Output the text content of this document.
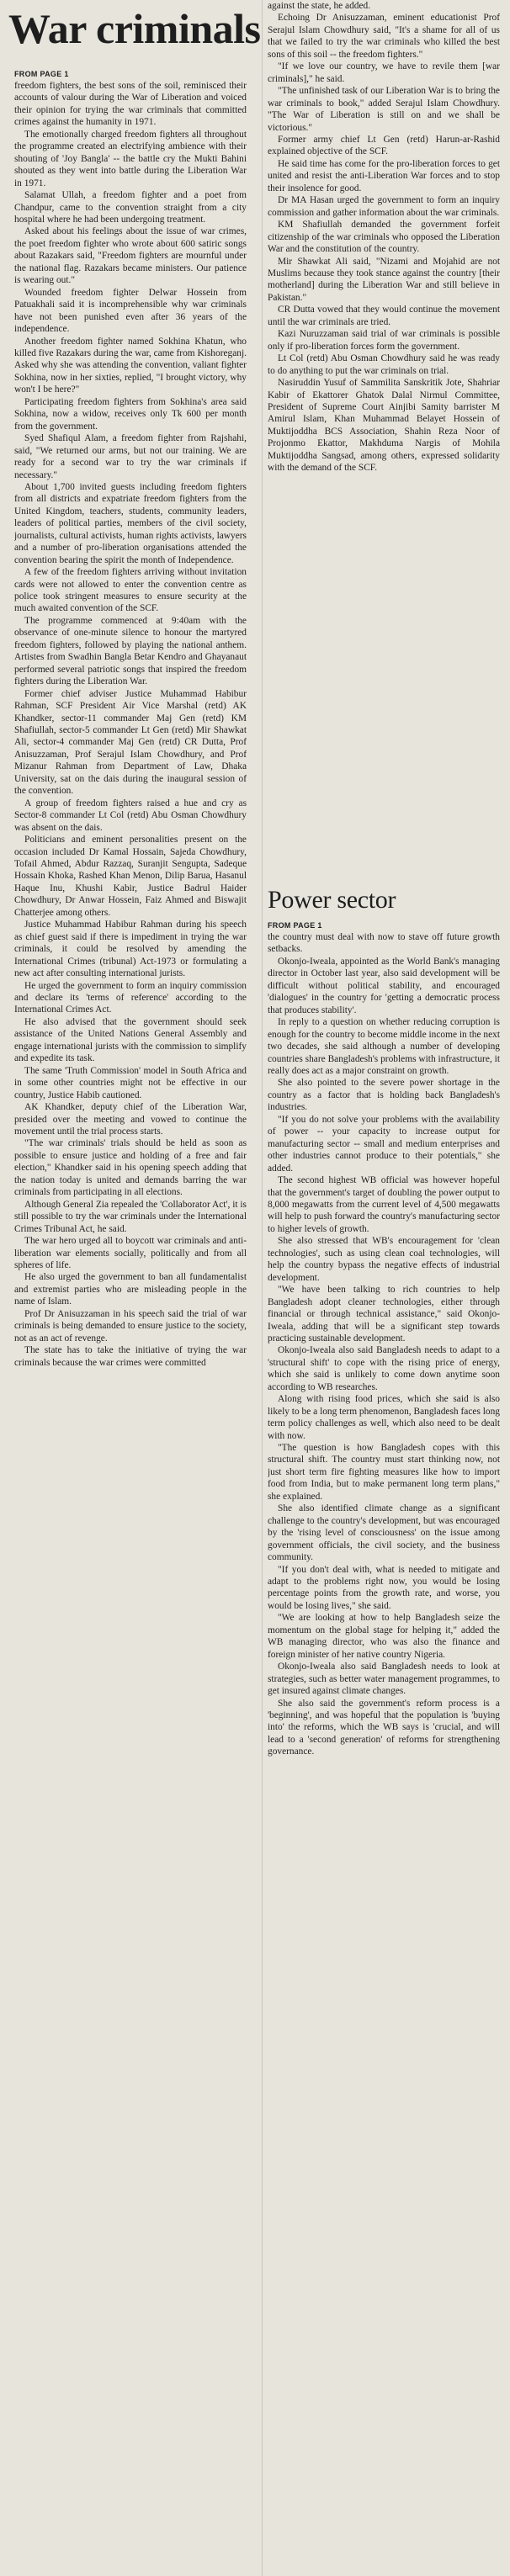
War criminals

FROM PAGE 1

freedom fighters, the best sons of the soil, reminisced their accounts of valour during the War of Liberation and voiced their opinion for trying the war criminals that committed crimes against the humanity in 1971.

The emotionally charged freedom fighters all throughout the programme created an electrifying ambience with their shouting of 'Joy Bangla' -- the battle cry the Mukti Bahini shouted as they went into battle during the Liberation War in 1971.

Salamat Ullah, a freedom fighter and a poet from Chandpur, came to the convention straight from a city hospital where he had been undergoing treatment.

Asked about his feelings about the issue of war crimes, the poet freedom fighter who wrote about 600 satiric songs about Razakars said, "Freedom fighters are mournful under the national flag. Razakars became ministers. Our patience is wearing out."

Wounded freedom fighter Delwar Hossein from Patuakhali said it is incomprehensible why war criminals have not been punished even after 36 years of the independence.

Another freedom fighter named Sokhina Khatun, who killed five Razakars during the war, came from Kishoreganj. Asked why she was attending the convention, valiant fighter Sokhina, now in her sixties, replied, "I brought victory, why won't I be here?"

Participating freedom fighters from Sokhina's area said Sokhina, now a widow, receives only Tk 600 per month from the government.

Syed Shafiqul Alam, a freedom fighter from Rajshahi, said, "We returned our arms, but not our training. We are ready for a second war to try the war criminals if necessary."

About 1,700 invited guests including freedom fighters from all districts and expatriate freedom fighters from the United Kingdom, teachers, students, community leaders, leaders of political parties, members of the civil society, journalists, cultural activists, human rights activists, lawyers and a number of pro-liberation organisations attended the convention bearing the spirit the month of Independence.

A few of the freedom fighters arriving without invitation cards were not allowed to enter the convention centre as police took stringent measures to ensure security at the much awaited convention of the SCF.

The programme commenced at 9:40am with the observance of one-minute silence to honour the martyred freedom fighters, followed by playing the national anthem. Artistes from Swadhin Bangla Betar Kendro and Ghayanaut performed several patriotic songs that inspired the freedom fighters during the Liberation War.

Former chief adviser Justice Muhammad Habibur Rahman, SCF President Air Vice Marshal (retd) AK Khandker, sector-11 commander Maj Gen (retd) KM Shafiullah, sector-5 commander Lt Gen (retd) Mir Shawkat Ali, sector-4 commander Maj Gen (retd) CR Dutta, Prof Anisuzzaman, Prof Serajul Islam Chowdhury, and Prof Mizanur Rahman from Department of Law, Dhaka University, sat on the dais during the inaugural session of the convention.

A group of freedom fighters raised a hue and cry as Sector-8 commander Lt Col (retd) Abu Osman Chowdhury was absent on the dais.

Politicians and eminent personalities present on the occasion included Dr Kamal Hossain, Sajeda Chowdhury, Tofail Ahmed, Abdur Razzaq, Suranjit Sengupta, Sadeque Hossain Khoka, Rashed Khan Menon, Dilip Barua, Hasanul Haque Inu, Khushi Kabir, Justice Badrul Haider Chowdhury, Dr Anwar Hossein, Faiz Ahmed and Biswajit Chatterjee among others.

Justice Muhammad Habibur Rahman during his speech as chief guest said if there is impediment in trying the war criminals, it could be resolved by amending the International Crimes (tribunal) Act-1973 or formulating a new act after consulting international jurists.

He urged the government to form an inquiry commission and declare its 'terms of reference' according to the International Crimes Act.

He also advised that the government should seek assistance of the United Nations General Assembly and engage international jurists with the commission to simplify and expedite its task.

The same 'Truth Commission' model in South Africa and in some other countries might not be effective in our country, Justice Habib cautioned.

AK Khandker, deputy chief of the Liberation War, presided over the meeting and vowed to continue the movement until the trial process starts.

"The war criminals' trials should be held as soon as possible to ensure justice and holding of a free and fair election," Khandker said in his opening speech adding that the nation today is united and demands barring the war criminals from participating in all elections.

Although General Zia repealed the 'Collaborator Act', it is still possible to try the war criminals under the International Crimes Tribunal Act, he said.

The war hero urged all to boycott war criminals and anti-liberation war elements socially, politically and from all spheres of life.

He also urged the government to ban all fundamentalist and extremist parties who are misleading people in the name of Islam.

Prof Dr Anisuzzaman in his speech said the trial of war criminals is being demanded to ensure justice to the society, not as an act of revenge.

The state has to take the initiative of trying the war criminals because the war crimes were committed

against the state, he added.

Echoing Dr Anisuzzaman, eminent educationist Prof Serajul Islam Chowdhury said, "It's a shame for all of us that we failed to try the war criminals who killed the best sons of this soil -- the freedom fighters."

"If we love our country, we have to revile them [war criminals]," he said.

"The unfinished task of our Liberation War is to bring the war criminals to book," added Serajul Islam Chowdhury. "The War of Liberation is still on and we shall be victorious."

Former army chief Lt Gen (retd) Harun-ar-Rashid explained objective of the SCF.

He said time has come for the pro-liberation forces to get united and resist the anti-Liberation War forces and to stop their insolence for good.

Dr MA Hasan urged the government to form an inquiry commission and gather information about the war criminals.

KM Shafiullah demanded the government forfeit citizenship of the war criminals who opposed the Liberation War and the constitution of the country.

Mir Shawkat Ali said, "Nizami and Mojahid are not Muslims because they took stance against the country [their motherland] during the Liberation War and still believe in Pakistan."

CR Dutta vowed that they would continue the movement until the war criminals are tried.

Kazi Nuruzzaman said trial of war criminals is possible only if pro-liberation forces form the government.

Lt Col (retd) Abu Osman Chowdhury said he was ready to do anything to put the war criminals on trial.

Nasiruddin Yusuf of Sammilita Sanskritik Jote, Shahriar Kabir of Ekattorer Ghatok Dalal Nirmul Committee, President of Supreme Court Ainjibi Samity barrister M Amirul Islam, Khan Muhammad Belayet Hossein of Muktijoddha BCS Association, Shahin Reza Noor of Projonmo Ekattor, Makhduma Nargis of Mohila Muktijoddha Sangsad, among others, expressed solidarity with the demand of the SCF.

Power sector

FROM PAGE 1

the country must deal with now to stave off future growth setbacks.

Okonjo-Iweala, appointed as the World Bank's managing director in October last year, also said development will be difficult without political stability, and encouraged 'dialogues' in the country for 'getting a democratic process that produces stability'.

In reply to a question on whether reducing corruption is enough for the country to become middle income in the next two decades, she said although a number of developing countries share Bangladesh's problems with infrastructure, it really does act as a major constraint on growth.

She also pointed to the severe power shortage in the country as a factor that is holding back Bangladesh's industries.

"If you do not solve your problems with the availability of power -- your capacity to increase output for manufacturing sector -- small and medium enterprises and other industries cannot produce to their potentials," she added.

The second highest WB official was however hopeful that the government's target of doubling the power output to 8,000 megawatts from the current level of 4,500 megawatts will help to push forward the country's manufacturing sector to higher levels of growth.

She also stressed that WB's encouragement for 'clean technologies', such as using clean coal technologies, will help the country bypass the negative effects of industrial development.

"We have been talking to rich countries to help Bangladesh adopt cleaner technologies, either through financial or through technical assistance," said Okonjo-Iweala, adding that will be a significant step towards practicing sustainable development.

Okonjo-Iweala also said Bangladesh needs to adapt to a 'structural shift' to cope with the rising price of energy, which she said is unlikely to come down anytime soon according to WB researches.

Along with rising food prices, which she said is also likely to be a long term phenomenon, Bangladesh faces long term policy challenges as well, which also need to be dealt with now.

"The question is how Bangladesh copes with this structural shift. The country must start thinking now, not just short term fire fighting measures like how to import food from India, but to make permanent long term plans," she explained.

She also identified climate change as a significant challenge to the country's development, but was encouraged by the 'rising level of consciousness' on the issue among government officials, the civil society, and the business community.

"If you don't deal with, what is needed to mitigate and adapt to the problems right now, you would be losing percentage points from the growth rate, and worse, you would be losing lives," she said.

"We are looking at how to help Bangladesh seize the momentum on the global stage for helping it," added the WB managing director, who was also the finance and foreign minister of her native country Nigeria.

Okonjo-Iweala also said Bangladesh needs to look at strategies, such as better water management programmes, to get insured against climate changes.

She also said the government's reform process is a 'beginning', and was hopeful that the population is 'buying into' the reforms, which the WB says is 'crucial, and will lead to a 'second generation' of reforms for strengthening governance.
